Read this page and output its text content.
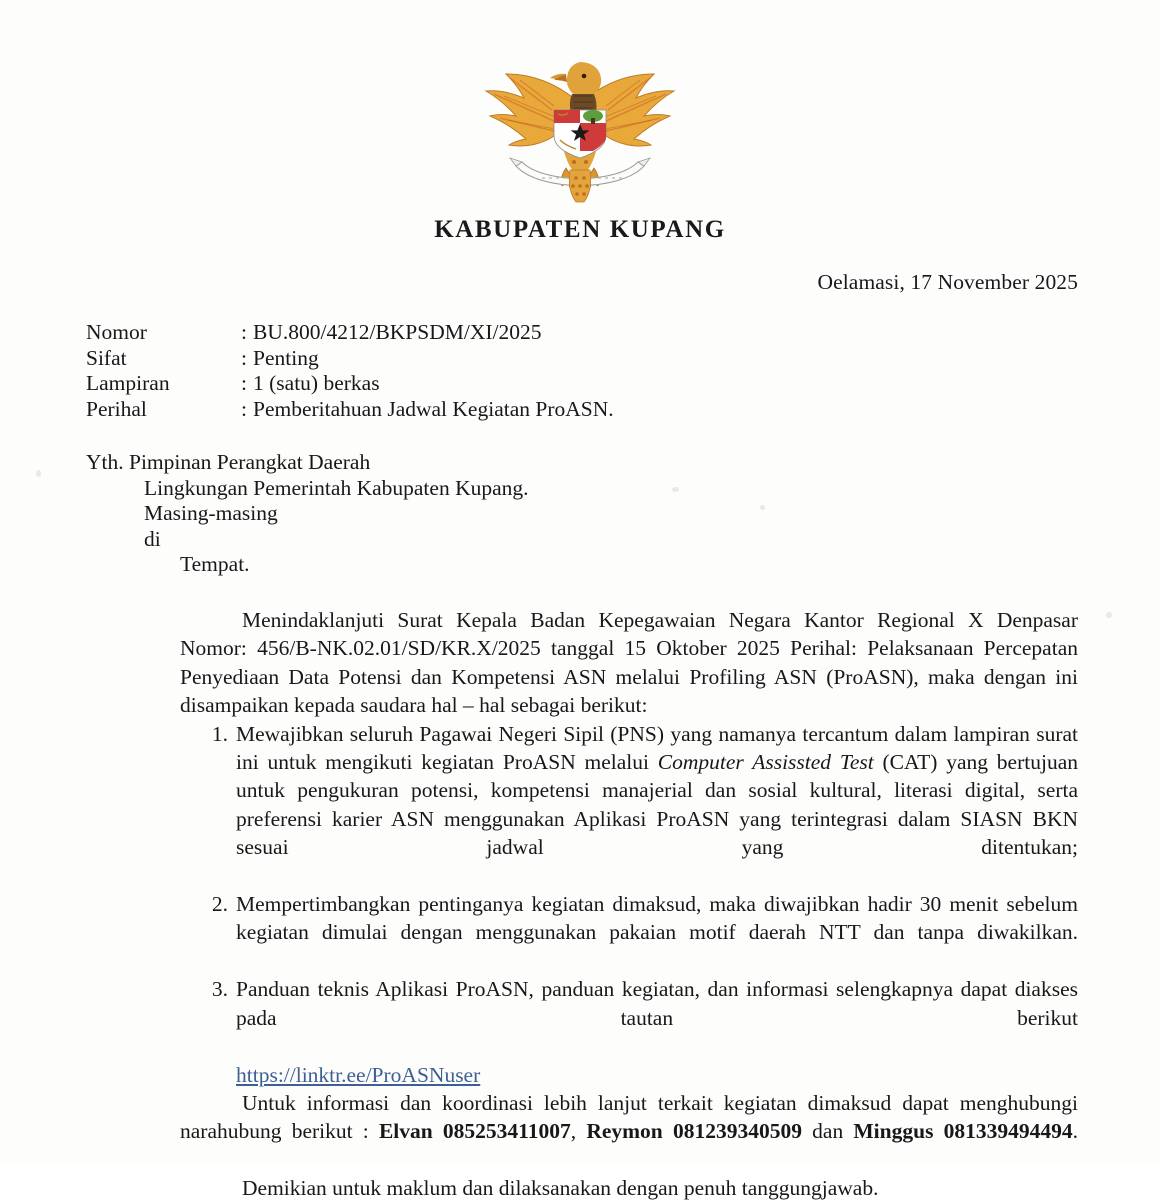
KABUPATEN KUPANG
Oelamasi, 17 November 2025
Nomor	: BU.800/4212/BKPSDM/XI/2025
Sifat	: Penting
Lampiran	: 1 (satu) berkas
Perihal	: Pemberitahuan Jadwal Kegiatan ProASN.
Yth. Pimpinan Perangkat Daerah
Lingkungan Pemerintah Kabupaten Kupang.
Masing-masing
di
Tempat.

Menindaklanjuti Surat Kepala Badan Kepegawaian Negara Kantor Regional X Denpasar Nomor: 456/B-NK.02.01/SD/KR.X/2025 tanggal 15 Oktober 2025 Perihal: Pelaksanaan Percepatan Penyediaan Data Potensi dan Kompetensi ASN melalui Profiling ASN (ProASN), maka dengan ini disampaikan kepada saudara hal – hal sebagai berikut:

1. Mewajibkan seluruh Pagawai Negeri Sipil (PNS) yang namanya tercantum dalam lampiran surat ini untuk mengikuti kegiatan ProASN melalui Computer Assissted Test (CAT) yang bertujuan untuk pengukuran potensi, kompetensi manajerial dan sosial kultural, literasi digital, serta preferensi karier ASN menggunakan Aplikasi ProASN yang terintegrasi dalam SIASN BKN sesuai jadwal yang ditentukan;
2. Mempertimbangkan pentinganya kegiatan dimaksud, maka diwajibkan hadir 30 menit sebelum kegiatan dimulai dengan menggunakan pakaian motif daerah NTT dan tanpa diwakilkan.
3. Panduan teknis Aplikasi ProASN, panduan kegiatan, dan informasi selengkapnya dapat diakses pada tautan berikut
https://linktr.ee/ProASNuser

Untuk informasi dan koordinasi lebih lanjut terkait kegiatan dimaksud dapat menghubungi narahubung berikut : Elvan 085253411007, Reymon 081239340509 dan Minggus 081339494494.

Demikian untuk maklum dan dilaksanakan dengan penuh tanggungjawab.
